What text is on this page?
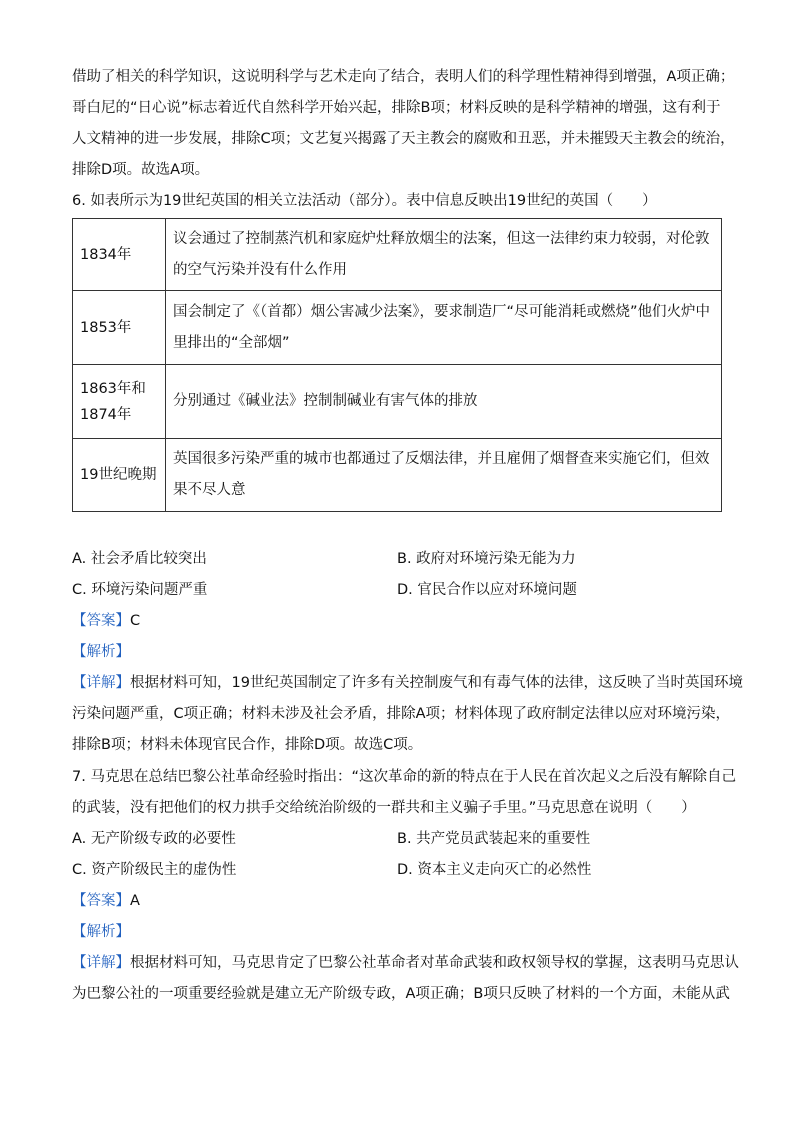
借助了相关的科学知识，这说明科学与艺术走向了结合，表明人们的科学理性精神得到增强，A项正确；
哥白尼的“日心说”标志着近代自然科学开始兴起，排除B项；材料反映的是科学精神的增强，这有利于
人文精神的进一步发展，排除C项；文艺复兴揭露了天主教会的腐败和丑恶，并未摧毁天主教会的统治，
排除D项。故选A项。
6. 如表所示为19世纪英国的相关立法活动（部分）。表中信息反映出19世纪的英国（　　）
1834年	议会通过了控制蒸汽机和家庭炉灶释放烟尘的法案，但这一法律约束力较弱，对伦敦的空气污染并没有什么作用
1853年	国会制定了《（首都）烟公害减少法案》，要求制造厂“尽可能消耗或燃烧”他们火炉中里排出的“全部烟”
1863年和1874年	分别通过《碱业法》控制制碱业有害气体的排放
19世纪晚期	英国很多污染严重的城市也都通过了反烟法律，并且雇佣了烟督查来实施它们，但效果不尽人意
A. 社会矛盾比较突出	B. 政府对环境污染无能为力
C. 环境污染问题严重	D. 官民合作以应对环境问题
【答案】C
【解析】
【详解】根据材料可知，19世纪英国制定了许多有关控制废气和有毒气体的法律，这反映了当时英国环境
污染问题严重，C项正确；材料未涉及社会矛盾，排除A项；材料体现了政府制定法律以应对环境污染，
排除B项；材料未体现官民合作，排除D项。故选C项。
7. 马克思在总结巴黎公社革命经验时指出：“这次革命的新的特点在于人民在首次起义之后没有解除自己
的武装，没有把他们的权力拱手交给统治阶级的一群共和主义骗子手里。”马克思意在说明（　　）
A. 无产阶级专政的必要性	B. 共产党员武装起来的重要性
C. 资产阶级民主的虚伪性	D. 资本主义走向灭亡的必然性
【答案】A
【解析】
【详解】根据材料可知，马克思肯定了巴黎公社革命者对革命武装和政权领导权的掌握，这表明马克思认
为巴黎公社的一项重要经验就是建立无产阶级专政，A项正确；B项只反映了材料的一个方面，未能从武
